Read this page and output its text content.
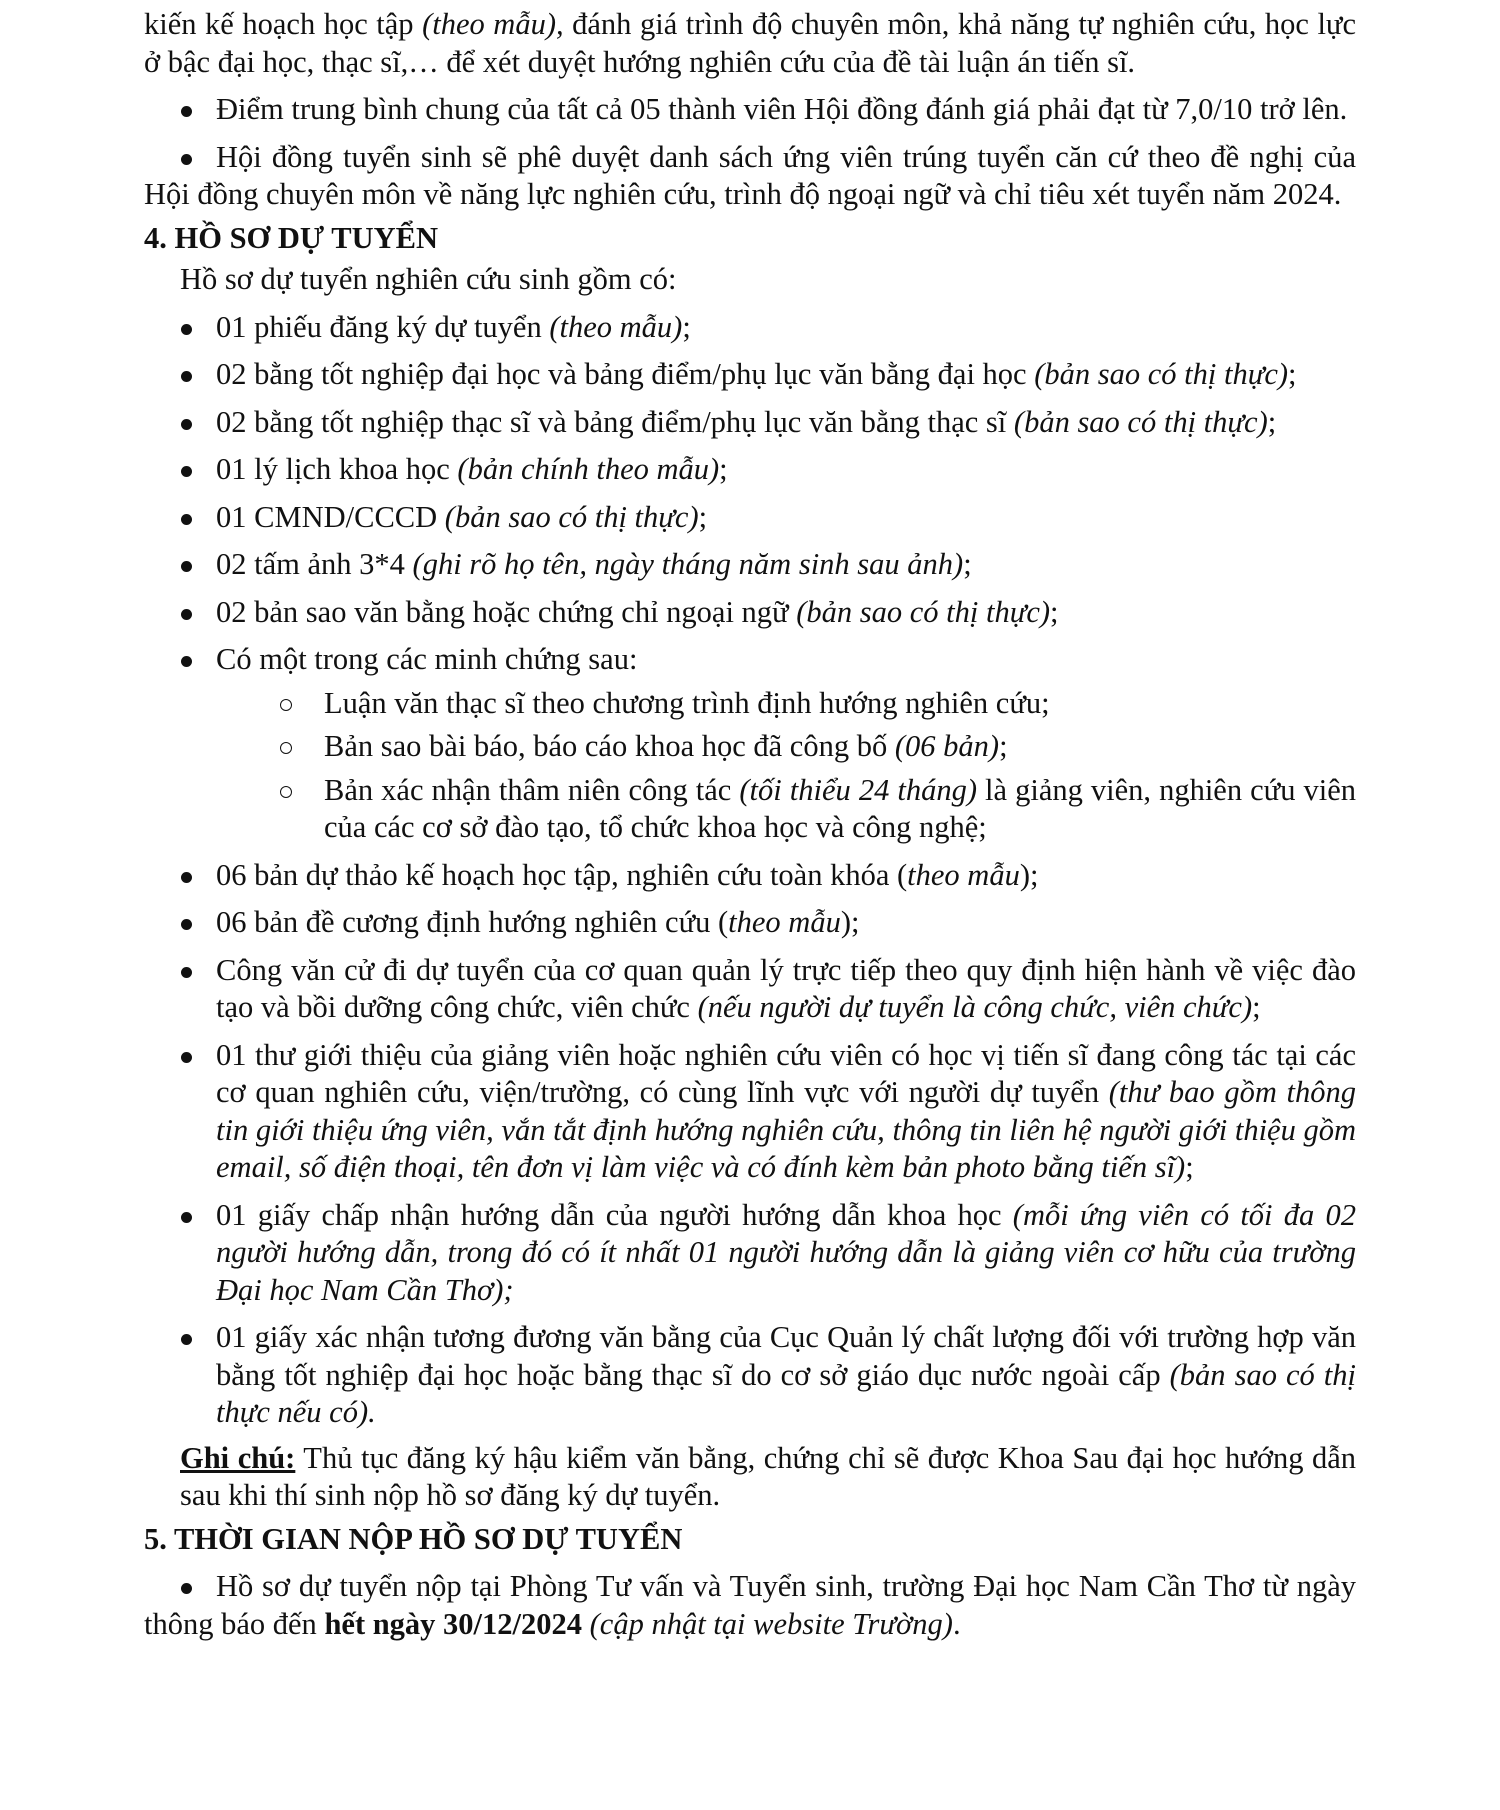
kiến kế hoạch học tập (theo mẫu), đánh giá trình độ chuyên môn, khả năng tự nghiên cứu, học lực ở bậc đại học, thạc sĩ,… để xét duyệt hướng nghiên cứu của đề tài luận án tiến sĩ.

Điểm trung bình chung của tất cả 05 thành viên Hội đồng đánh giá phải đạt từ 7,0/10 trở lên.

Hội đồng tuyển sinh sẽ phê duyệt danh sách ứng viên trúng tuyển căn cứ theo đề nghị của Hội đồng chuyên môn về năng lực nghiên cứu, trình độ ngoại ngữ và chỉ tiêu xét tuyển năm 2024.

4. HỒ SƠ DỰ TUYỂN

Hồ sơ dự tuyển nghiên cứu sinh gồm có:

01 phiếu đăng ký dự tuyển (theo mẫu);

02 bằng tốt nghiệp đại học và bảng điểm/phụ lục văn bằng đại học (bản sao có thị thực);

02 bằng tốt nghiệp thạc sĩ và bảng điểm/phụ lục văn bằng thạc sĩ (bản sao có thị thực);

01 lý lịch khoa học (bản chính theo mẫu);

01 CMND/CCCD (bản sao có thị thực);

02 tấm ảnh 3*4 (ghi rõ họ tên, ngày tháng năm sinh sau ảnh);

02 bản sao văn bằng hoặc chứng chỉ ngoại ngữ (bản sao có thị thực);

Có một trong các minh chứng sau:

Luận văn thạc sĩ theo chương trình định hướng nghiên cứu;

Bản sao bài báo, báo cáo khoa học đã công bố (06 bản);

Bản xác nhận thâm niên công tác (tối thiểu 24 tháng) là giảng viên, nghiên cứu viên của các cơ sở đào tạo, tổ chức khoa học và công nghệ;

06 bản dự thảo kế hoạch học tập, nghiên cứu toàn khóa (theo mẫu);

06 bản đề cương định hướng nghiên cứu (theo mẫu);

Công văn cử đi dự tuyển của cơ quan quản lý trực tiếp theo quy định hiện hành về việc đào tạo và bồi dưỡng công chức, viên chức (nếu người dự tuyển là công chức, viên chức);

01 thư giới thiệu của giảng viên hoặc nghiên cứu viên có học vị tiến sĩ đang công tác tại các cơ quan nghiên cứu, viện/trường, có cùng lĩnh vực với người dự tuyển (thư bao gồm thông tin giới thiệu ứng viên, vắn tắt định hướng nghiên cứu, thông tin liên hệ người giới thiệu gồm email, số điện thoại, tên đơn vị làm việc và có đính kèm bản photo bằng tiến sĩ);

01 giấy chấp nhận hướng dẫn của người hướng dẫn khoa học (mỗi ứng viên có tối đa 02 người hướng dẫn, trong đó có ít nhất 01 người hướng dẫn là giảng viên cơ hữu của trường Đại học Nam Cần Thơ);

01 giấy xác nhận tương đương văn bằng của Cục Quản lý chất lượng đối với trường hợp văn bằng tốt nghiệp đại học hoặc bằng thạc sĩ do cơ sở giáo dục nước ngoài cấp (bản sao có thị thực nếu có).

Ghi chú: Thủ tục đăng ký hậu kiểm văn bằng, chứng chỉ sẽ được Khoa Sau đại học hướng dẫn sau khi thí sinh nộp hồ sơ đăng ký dự tuyển.

5. THỜI GIAN NỘP HỒ SƠ DỰ TUYỂN

Hồ sơ dự tuyển nộp tại Phòng Tư vấn và Tuyển sinh, trường Đại học Nam Cần Thơ từ ngày thông báo đến hết ngày 30/12/2024 (cập nhật tại website Trường).
